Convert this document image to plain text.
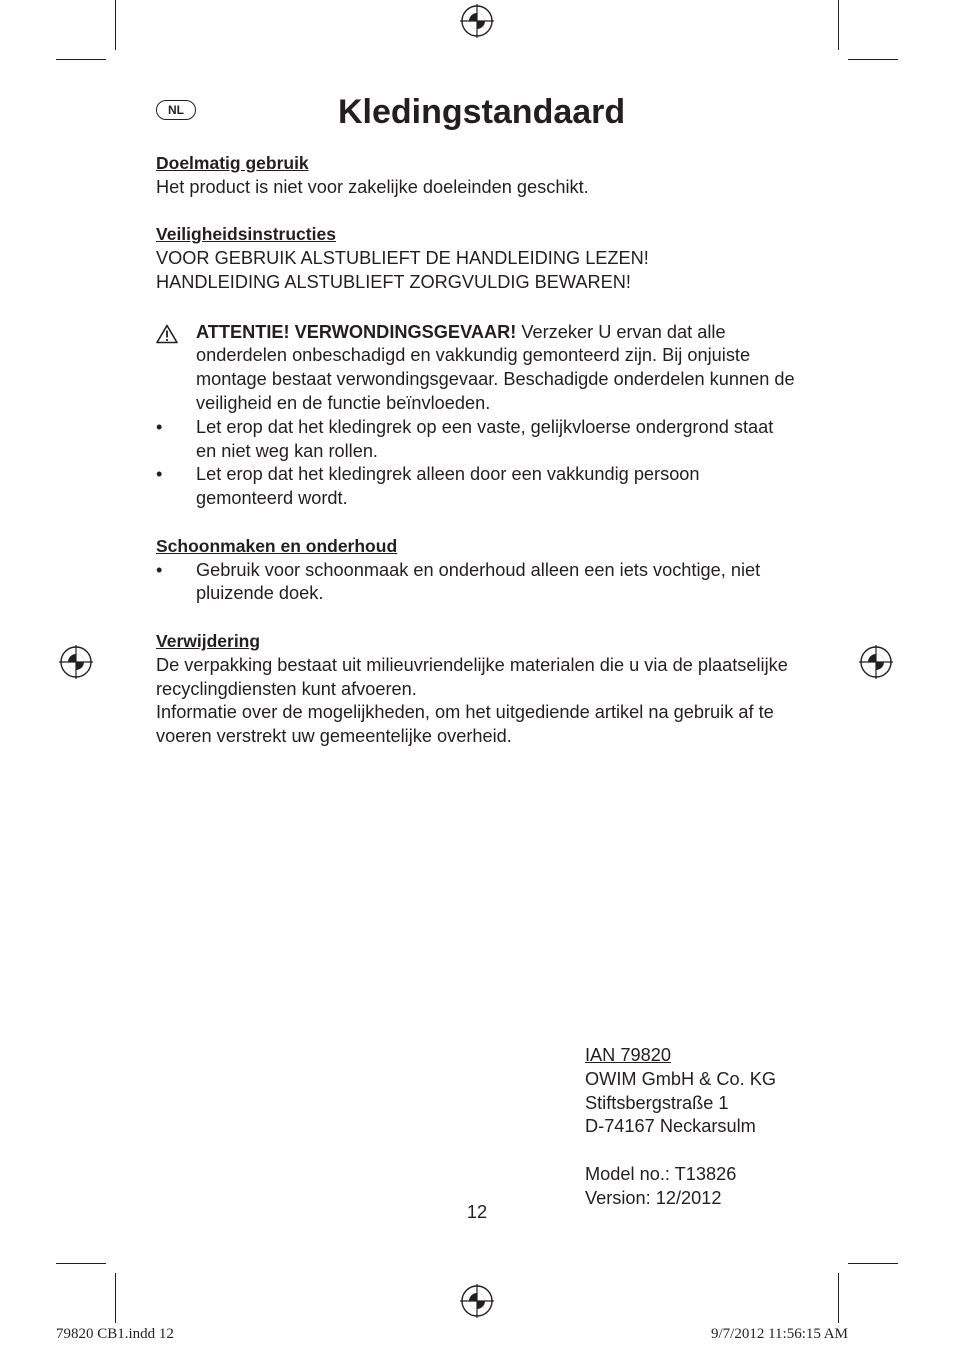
NL	Kledingstandaard

Doelmatig gebruik

Het product is niet voor zakelijke doeleinden geschikt.

Veiligheidsinstructies

VOOR GEBRUIK ALSTUBLIEFT DE HANDLEIDING LEZEN!

HANDLEIDING ALSTUBLIEFT ZORGVULDIG BEWAREN!

ATTENTIE! VERWONDINGSGEVAAR! Verzeker U ervan dat alle onderdelen onbeschadigd en vakkundig gemonteerd zijn. Bij onjuiste montage bestaat verwondingsgevaar. Beschadigde onderdelen kunnen de veiligheid en de functie beïnvloeden.
• Let erop dat het kledingrek op een vaste, gelijkvloerse ondergrond staat en niet weg kan rollen.
• Let erop dat het kledingrek alleen door een vakkundig persoon gemonteerd wordt.

Schoonmaken en onderhoud

• Gebruik voor schoonmaak en onderhoud alleen een iets vochtige, niet pluizende doek.

Verwijdering

De verpakking bestaat uit milieuvriendelijke materialen die u via de plaatselijke recyclingdiensten kunt afvoeren.

Informatie over de mogelijkheden, om het uitgediende artikel na gebruik af te voeren verstrekt uw gemeentelijke overheid.

IAN 79820

OWIM GmbH & Co. KG

Stiftsbergstraße 1

D-74167 Neckarsulm

Model no.: T13826

Version: 12/2012

12
79820 CB1.indd 12	9/7/2012 11:56:15 AM
